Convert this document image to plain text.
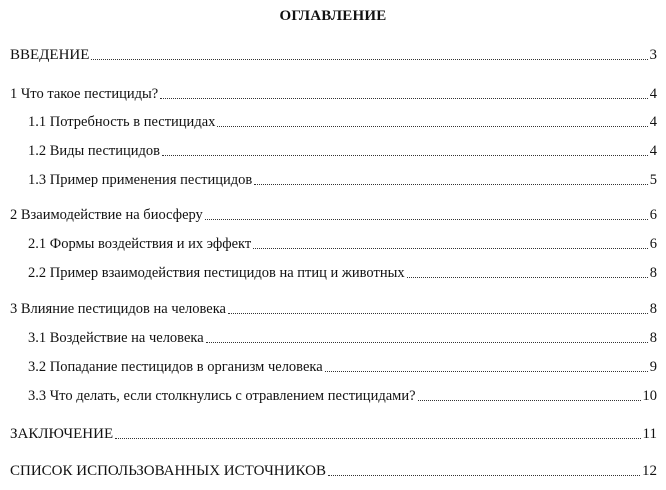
ОГЛАВЛЕНИЕ
ВВЕДЕНИЕ	3
1 Что такое пестициды?	4
1.1 Потребность в пестицидах	4
1.2 Виды пестицидов	4
1.3 Пример применения пестицидов	5
2 Взаимодействие на биосферу	6
2.1 Формы воздействия и их эффект	6
2.2 Пример взаимодействия пестицидов на птиц и животных	8
3 Влияние пестицидов на человека	8
3.1 Воздействие на человека	8
3.2 Попадание пестицидов в организм человека	9
3.3 Что делать, если столкнулись с отравлением пестицидами?	10
ЗАКЛЮЧЕНИЕ	11
СПИСОК ИСПОЛЬЗОВАННЫХ ИСТОЧНИКОВ	12
